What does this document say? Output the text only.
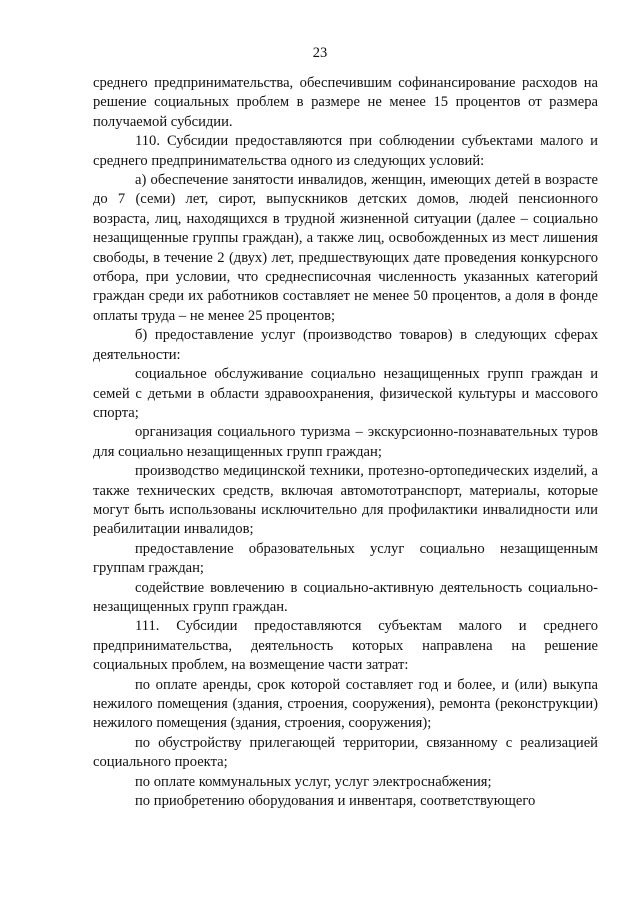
23

среднего предпринимательства, обеспечившим софинансирование расходов на решение социальных проблем в размере не менее 15 процентов от размера получаемой субсидии.

110. Субсидии предоставляются при соблюдении субъектами малого и среднего предпринимательства одного из следующих условий:

а) обеспечение занятости инвалидов, женщин, имеющих детей в возрасте до 7 (семи) лет, сирот, выпускников детских домов, людей пенсионного возраста, лиц, находящихся в трудной жизненной ситуации (далее – социально незащищенные группы граждан), а также лиц, освобожденных из мест лишения свободы, в течение 2 (двух) лет, предшествующих дате проведения конкурсного отбора, при условии, что среднесписочная численность указанных категорий граждан среди их работников составляет не менее 50 процентов, а доля в фонде оплаты труда – не менее 25 процентов;

б) предоставление услуг (производство товаров) в следующих сферах деятельности:

социальное обслуживание социально незащищенных групп граждан и семей с детьми в области здравоохранения, физической культуры и массового спорта;

организация социального туризма – экскурсионно-познавательных туров для социально незащищенных групп граждан;

производство медицинской техники, протезно-ортопедических изделий, а также технических средств, включая автомототранспорт, материалы, которые могут быть использованы исключительно для профилактики инвалидности или реабилитации инвалидов;

предоставление образовательных услуг социально незащищенным группам граждан;

содействие вовлечению в социально-активную деятельность социально-незащищенных групп граждан.

111. Субсидии предоставляются субъектам малого и среднего предпринимательства, деятельность которых направлена на решение социальных проблем, на возмещение части затрат:

по оплате аренды, срок которой составляет год и более, и (или) выкупа нежилого помещения (здания, строения, сооружения), ремонта (реконструкции) нежилого помещения (здания, строения, сооружения);

по обустройству прилегающей территории, связанному с реализацией социального проекта;

по оплате коммунальных услуг, услуг электроснабжения;

по приобретению оборудования и инвентаря, соответствующего
